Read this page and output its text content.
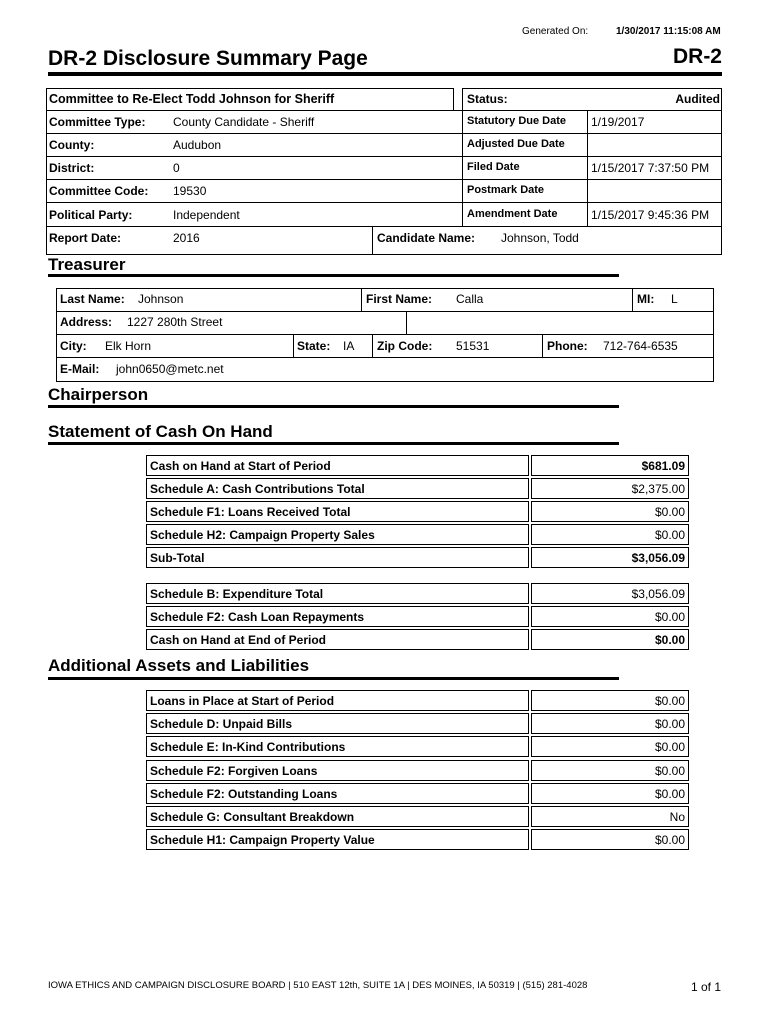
Generated On:	1/30/2017 11:15:08 AM
DR-2 Disclosure Summary Page	DR-2
Committee to Re-Elect Todd Johnson for Sheriff
Committee Type: County Candidate - Sheriff
County:	Audubon
District:	0
Committee Code: 19530
Political Party:	Independent
Report Date:	2016	Candidate Name: Johnson, Todd
Status:	Audited
Statutory Due Date 1/19/2017
Adjusted Due Date
Filed Date	1/15/2017 7:37:50 PM
Postmark Date
Amendment Date	1/15/2017 9:45:36 PM
Treasurer
Last Name: Johnson	First Name: Calla	MI: L
Address: 1227 280th Street
City: Elk Horn	State: IA Zip Code: 51531	Phone: 712-764-6535
E-Mail: john0650@metc.net
Chairperson
Statement of Cash On Hand
Cash on Hand at Start of Period	$681.09
Schedule A: Cash Contributions Total	$2,375.00
Schedule F1: Loans Received Total	$0.00
Schedule H2: Campaign Property Sales	$0.00
Sub-Total	$3,056.09
Schedule B: Expenditure Total	$3,056.09
Schedule F2: Cash Loan Repayments	$0.00
Cash on Hand at End of Period	$0.00
Additional Assets and Liabilities
Loans in Place at Start of Period	$0.00
Schedule D: Unpaid Bills	$0.00
Schedule E: In-Kind Contributions	$0.00
Schedule F2: Forgiven Loans	$0.00
Schedule F2: Outstanding Loans	$0.00
Schedule G: Consultant Breakdown	No
Schedule H1: Campaign Property Value	$0.00
IOWA ETHICS AND CAMPAIGN DISCLOSURE BOARD | 510 EAST 12th, SUITE 1A | DES MOINES, IA 50319 | (515) 281-4028	1 of 1
